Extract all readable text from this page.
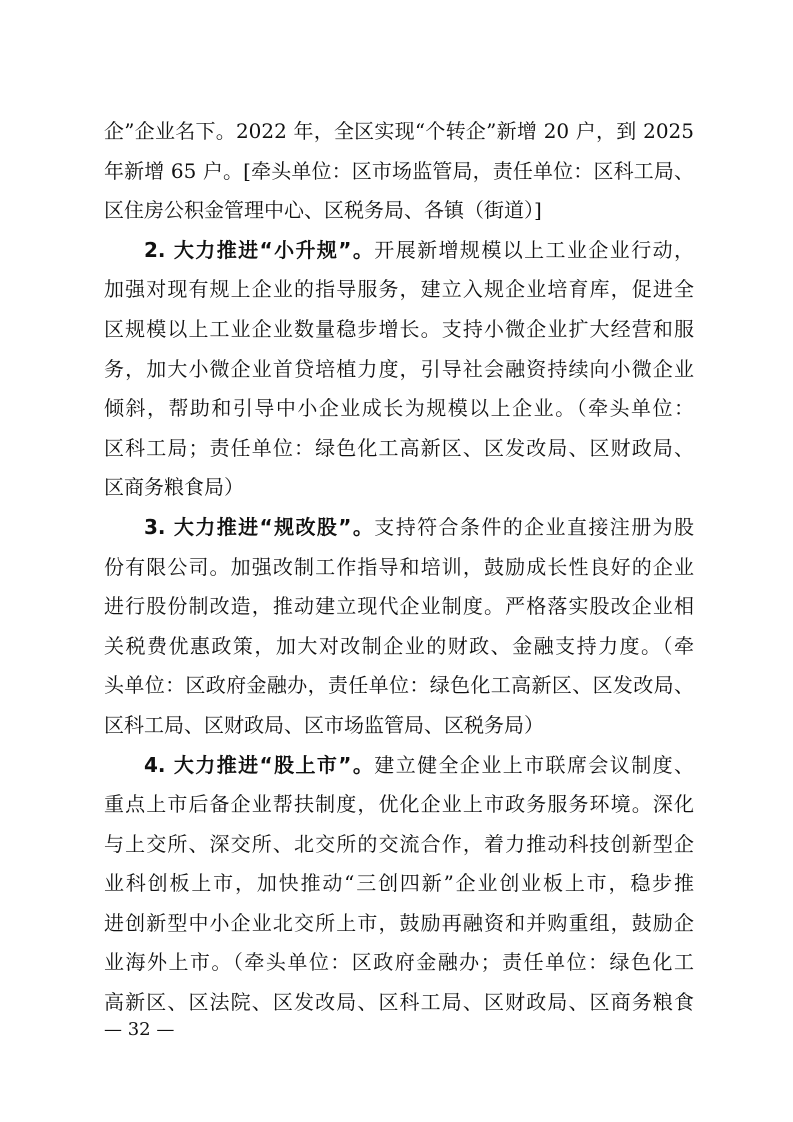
企”企业名下。2022 年，全区实现“个转企”新增 20 户，到 2025
年新增 65 户。[牵头单位：区市场监管局，责任单位：区科工局、
区住房公积金管理中心、区税务局、各镇（街道）]
2. 大力推进“小升规”。开展新增规模以上工业企业行动，
加强对现有规上企业的指导服务，建立入规企业培育库，促进全
区规模以上工业企业数量稳步增长。支持小微企业扩大经营和服
务，加大小微企业首贷培植力度，引导社会融资持续向小微企业
倾斜，帮助和引导中小企业成长为规模以上企业。（牵头单位：
区科工局；责任单位：绿色化工高新区、区发改局、区财政局、
区商务粮食局）
3. 大力推进“规改股”。支持符合条件的企业直接注册为股
份有限公司。加强改制工作指导和培训，鼓励成长性良好的企业
进行股份制改造，推动建立现代企业制度。严格落实股改企业相
关税费优惠政策，加大对改制企业的财政、金融支持力度。（牵
头单位：区政府金融办，责任单位：绿色化工高新区、区发改局、
区科工局、区财政局、区市场监管局、区税务局）
4. 大力推进“股上市”。建立健全企业上市联席会议制度、
重点上市后备企业帮扶制度，优化企业上市政务服务环境。深化
与上交所、深交所、北交所的交流合作，着力推动科技创新型企
业科创板上市，加快推动“三创四新”企业创业板上市，稳步推
进创新型中小企业北交所上市，鼓励再融资和并购重组，鼓励企
业海外上市。（牵头单位：区政府金融办；责任单位：绿色化工
高新区、区法院、区发改局、区科工局、区财政局、区商务粮食
— 32 —
